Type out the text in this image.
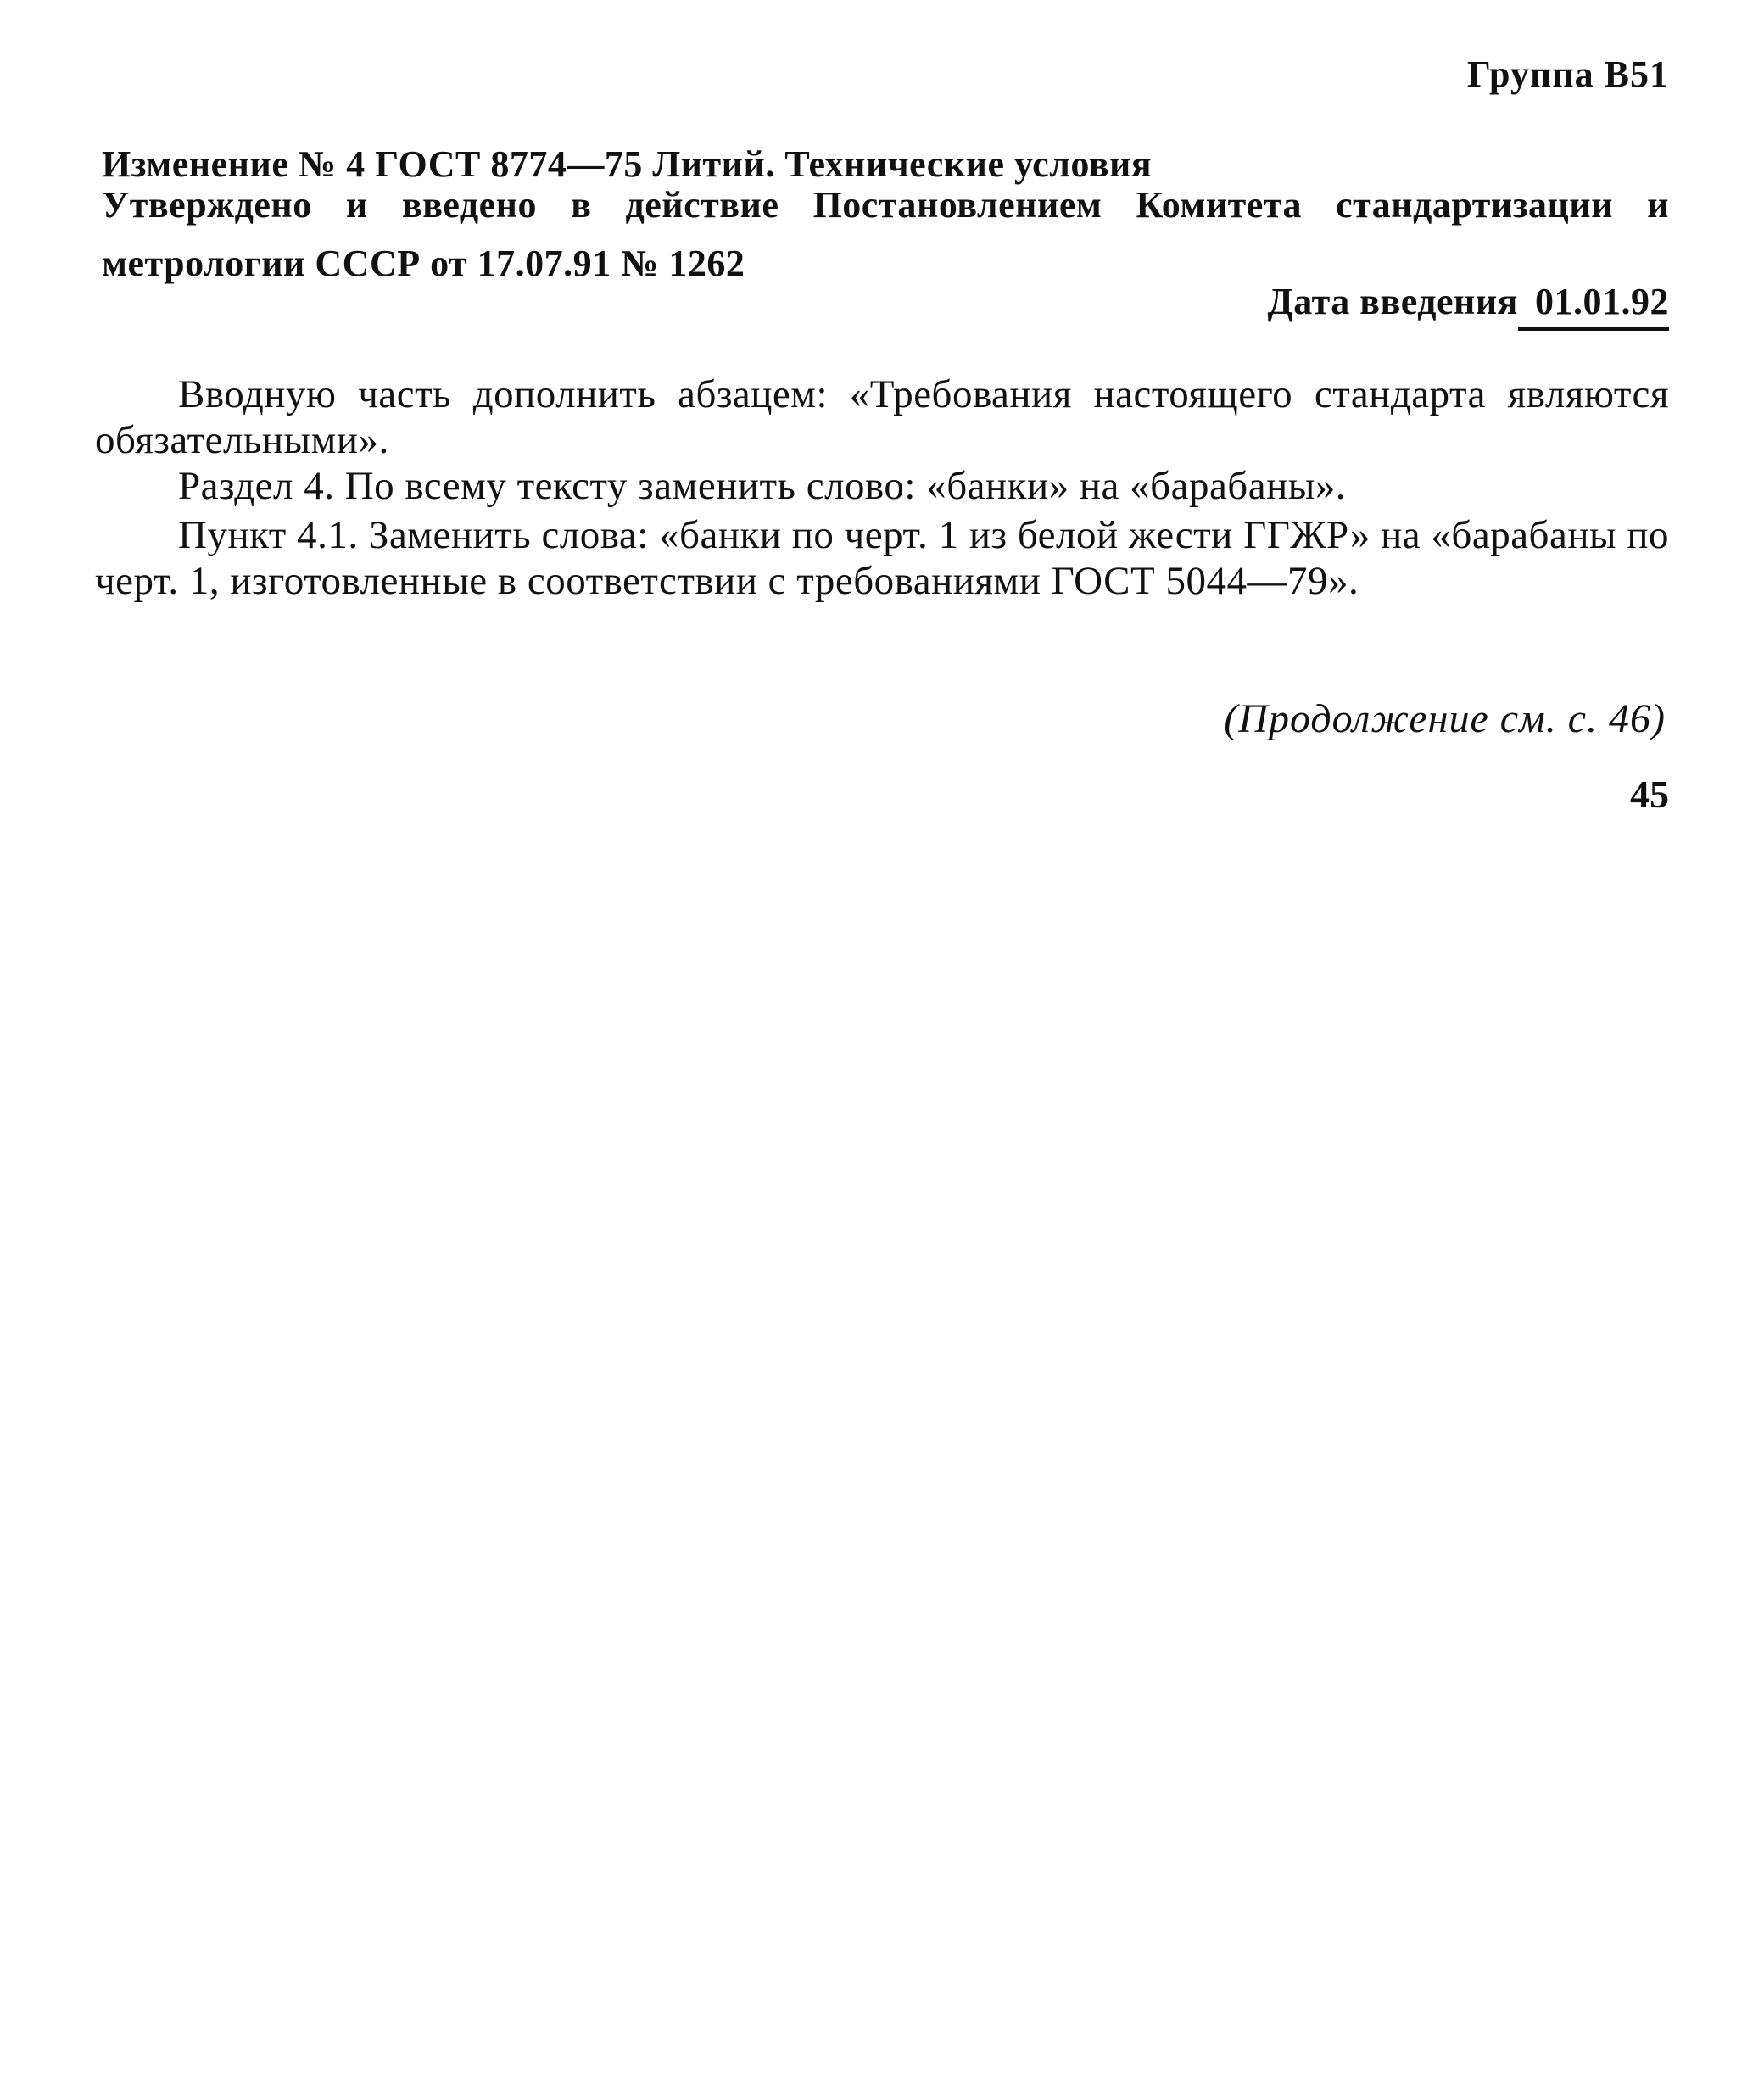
Группа В51
Изменение № 4 ГОСТ 8774—75 Литий. Технические условия
Утверждено и введено в действие Постановлением Комитета стандартизации и
метрологии СССР от 17.07.91 № 1262
Дата введения 01.01.92
Вводную часть дополнить абзацем: «Требования настоящего стандарта являются обязательными».
Раздел 4. По всему тексту заменить слово: «банки» на «барабаны».
Пункт 4.1. Заменить слова: «банки по черт. 1 из белой жести ГГЖР» на «барабаны по черт. 1, изготовленные в соответствии с требованиями ГОСТ 5044—79».
(Продолжение см. с. 46)
45
